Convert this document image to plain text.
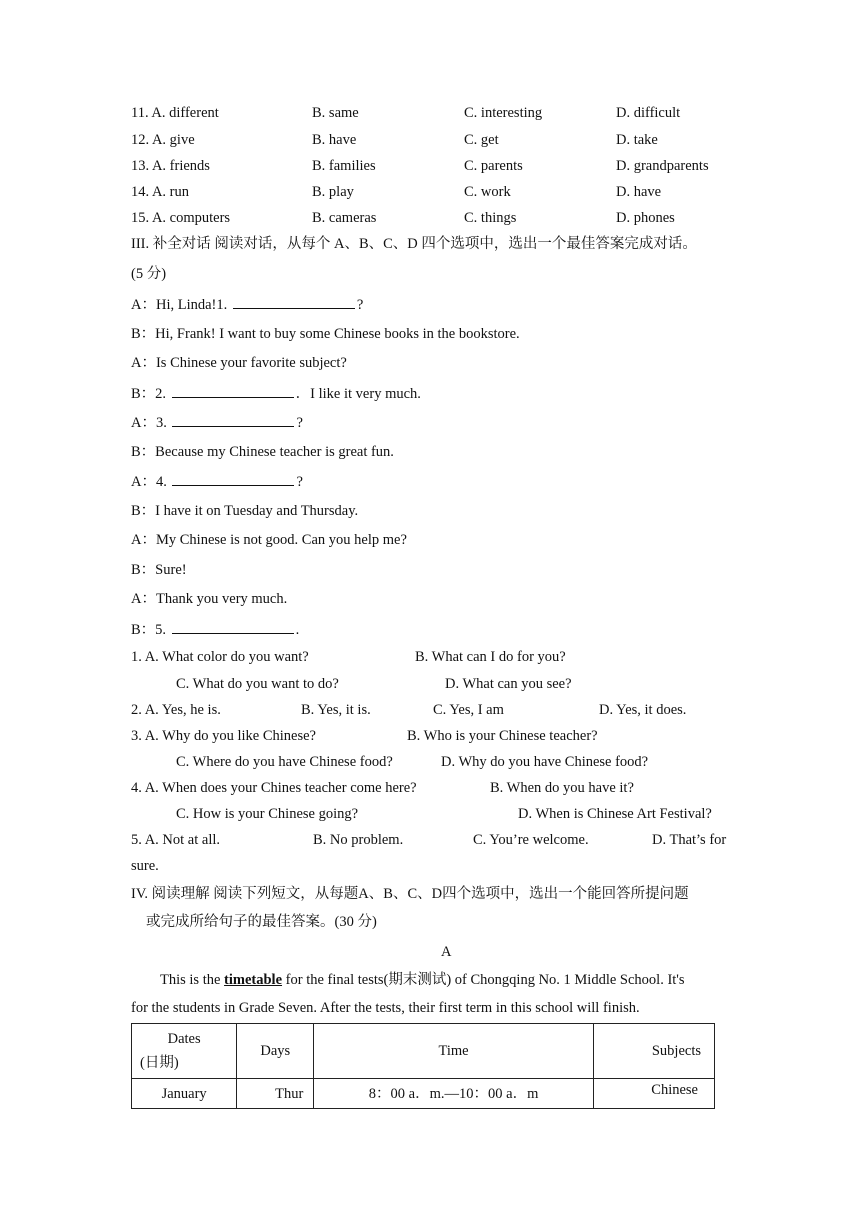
11. A. different	B. same	C. interesting	D. difficult
12. A. give	B. have	C. get	D. take
13. A. friends	B. families	C. parents	D. grandparents
14. A. run	B. play	C. work	D. have
15. A. computers	B. cameras	C. things	D. phones
III. 补全对话 阅读对话，从每个 A、B、C、D 四个选项中，选出一个最佳答案完成对话。
(5 分)
A：Hi, Linda!1.	?
B：Hi, Frank! I want to buy some Chinese books in the bookstore.
A：Is Chinese your favorite subject?
B：2.	．I like it very much.
A：3.	?
B：Because my Chinese teacher is great fun.
A：4.	?
B：I have it on Tuesday and Thursday.
A：My Chinese is not good. Can you help me?
B：Sure!
A：Thank you very much.
B：5.	.
1. A. What color do you want?	B. What can I do for you?
C. What do you want to do?	D. What can you see?
2. A. Yes, he is.	B. Yes, it is.	C. Yes, I am	D. Yes, it does.
3. A. Why do you like Chinese?	B. Who is your Chinese teacher?
C. Where do you have Chinese food?	D. Why do you have Chinese food?
4. A. When does your Chines teacher come here?	B. When do you have it?
C. How is your Chinese going?	D. When is Chinese Art Festival?
5. A. Not at all.	B. No problem.	C. You’re welcome.	D. That’s for
sure.
IV. 阅读理解 阅读下列短文，从每题A、B、C、D四个选项中，选出一个能回答所提问题
或完成所给句子的最佳答案。(30 分)
A
This is the timetable for the final tests(期末测试) of Chongqing No. 1 Middle School. It's
for the students in Grade Seven. After the tests, their first term in this school will finish.
Dates
(日期)	Days	Time	Subjects
January	Thur	8：00 a．m.—10：00 a．m	Chinese
